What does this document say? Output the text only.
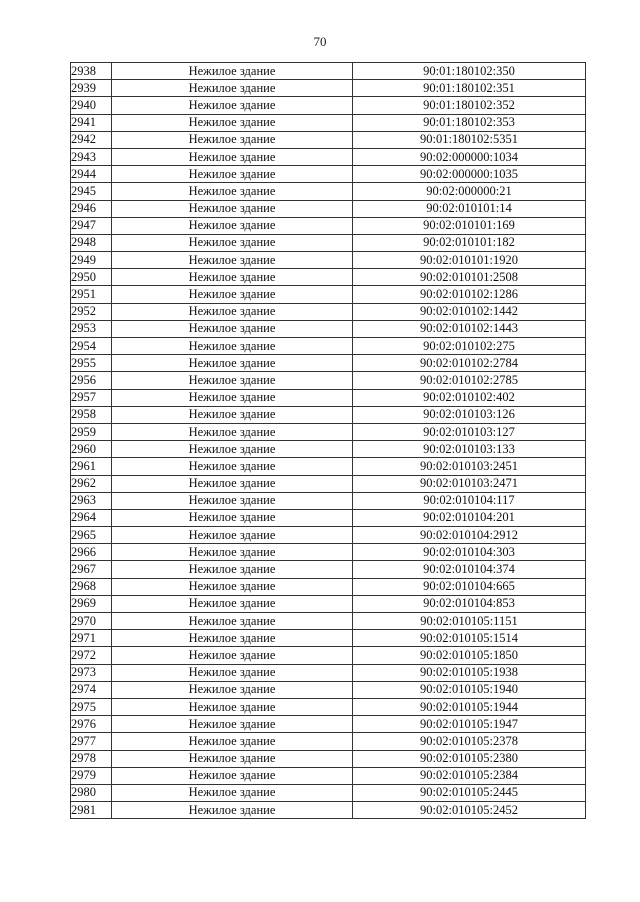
70
2938	Нежилое здание	90:01:180102:350
2939	Нежилое здание	90:01:180102:351
2940	Нежилое здание	90:01:180102:352
2941	Нежилое здание	90:01:180102:353
2942	Нежилое здание	90:01:180102:5351
2943	Нежилое здание	90:02:000000:1034
2944	Нежилое здание	90:02:000000:1035
2945	Нежилое здание	90:02:000000:21
2946	Нежилое здание	90:02:010101:14
2947	Нежилое здание	90:02:010101:169
2948	Нежилое здание	90:02:010101:182
2949	Нежилое здание	90:02:010101:1920
2950	Нежилое здание	90:02:010101:2508
2951	Нежилое здание	90:02:010102:1286
2952	Нежилое здание	90:02:010102:1442
2953	Нежилое здание	90:02:010102:1443
2954	Нежилое здание	90:02:010102:275
2955	Нежилое здание	90:02:010102:2784
2956	Нежилое здание	90:02:010102:2785
2957	Нежилое здание	90:02:010102:402
2958	Нежилое здание	90:02:010103:126
2959	Нежилое здание	90:02:010103:127
2960	Нежилое здание	90:02:010103:133
2961	Нежилое здание	90:02:010103:2451
2962	Нежилое здание	90:02:010103:2471
2963	Нежилое здание	90:02:010104:117
2964	Нежилое здание	90:02:010104:201
2965	Нежилое здание	90:02:010104:2912
2966	Нежилое здание	90:02:010104:303
2967	Нежилое здание	90:02:010104:374
2968	Нежилое здание	90:02:010104:665
2969	Нежилое здание	90:02:010104:853
2970	Нежилое здание	90:02:010105:1151
2971	Нежилое здание	90:02:010105:1514
2972	Нежилое здание	90:02:010105:1850
2973	Нежилое здание	90:02:010105:1938
2974	Нежилое здание	90:02:010105:1940
2975	Нежилое здание	90:02:010105:1944
2976	Нежилое здание	90:02:010105:1947
2977	Нежилое здание	90:02:010105:2378
2978	Нежилое здание	90:02:010105:2380
2979	Нежилое здание	90:02:010105:2384
2980	Нежилое здание	90:02:010105:2445
2981	Нежилое здание	90:02:010105:2452
